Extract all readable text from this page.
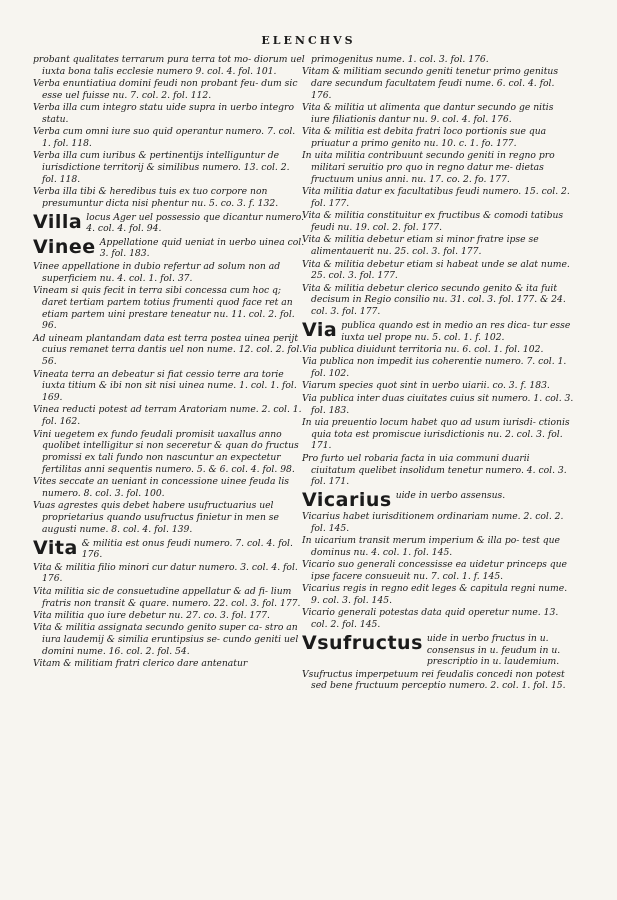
ELENCHVS
probant qualitates terrarum pura terra tot mo- diorum uel iuxta bona talis ecclesie numero 9. col. 4. fol. 101.
Verba enuntiatiua domini feudi non probant feu- dum sic esse uel fuisse nu. 7. col. 2. fol. 112.
Verba illa cum integro statu uide supra in uerbo integro statu.
Verba cum omni iure suo quid operantur numero. 7. col. 1. fol. 118.
Verba illa cum iuribus & pertinentijs intelliguntur de iurisdictione territorij & similibus numero. 13. col. 2. fol. 118.
Verba illa tibi & heredibus tuis ex tuo corpore non presumuntur dicta nisi phentur nu. 5. co. 3. f. 132.
Villa locus Ager uel possessio que dicantur numero. 4. col. 4. fol. 94.
Vinee Appellatione quid ueniat in uerbo uinea col. 3. fol. 183.
Vinee appellatione in dubio refertur ad solum non ad superficiem nu. 4. col. 1. fol. 37.
Vineam si quis fecit in terra sibi concessa cum hoc q; daret tertiam partem totius frumenti quod face ret an etiam partem uini prestare teneatur nu. 11. col. 2. fol. 96.
Ad uineam plantandam data est terra postea uinea perijt cuius remanet terra dantis uel non nume. 12. col. 2. fol. 56.
Vineata terra an debeatur si fiat cessio terre ara torie iuxta titium & ibi non sit nisi uinea nume. 1. col. 1. fol. 169.
Vinea reducti potest ad terram Aratoriam nume. 2. col. 1. fol. 162.
Vini uegetem ex fundo feudali promisit uaxallus anno quolibet intelligitur si non seceretur & quan do fructus promissi ex tali fundo non nascuntur an expectetur fertilitas anni sequentis numero. 5. & 6. col. 4. fol. 98.
Vites seccate an ueniant in concessione uinee feuda lis numero. 8. col. 3. fol. 100.
Vuas agrestes quis debet habere usufructuarius uel proprietarius quando usufructus finietur in men se augusti nume. 8. col. 4. fol. 139.
Vita & militia est onus feudi numero. 7. col. 4. fol. 176.
Vita & militia filio minori cur datur numero. 3. col. 4. fol. 176.
Vita militia sic de consuetudine appellatur & ad fi- lium fratris non transit & quare. numero. 22. col. 3. fol. 177.
Vita militia quo iure debetur nu. 27. co. 3. fol. 177.
Vita & militia assignata secundo genito super ca- stro an iura laudemij & similia eruntipsius se- cundo geniti uel domini nume. 16. col. 2. fol. 54.
Vitam & militiam fratri clerico dare antenatur
primogenitus nume. 1. col. 3. fol. 176.
Vitam & militiam secundo geniti tenetur primo genitus dare secundum facultatem feudi nume. 6. col. 4. fol. 176.
Vita & militia ut alimenta que dantur secundo ge nitis iure filiationis dantur nu. 9. col. 4. fol. 176.
Vita & militia est debita fratri loco portionis sue qua priuatur a primo genito nu. 10. c. 1. fo. 177.
In uita militia contribuunt secundo geniti in regno pro militari seruitio pro quo in regno datur me- dietas fructuum unius anni. nu. 17. co. 2. fo. 177.
Vita militia datur ex facultatibus feudi numero. 15. col. 2. fol. 177.
Vita & militia constituitur ex fructibus & comodi tatibus feudi nu. 19. col. 2. fol. 177.
Vita & militia debetur etiam si minor fratre ipse se alimentauerit nu. 25. col. 3. fol. 177.
Vita & militia debetur etiam si habeat unde se alat nume. 25. col. 3. fol. 177.
Vita & militia debetur clerico secundo genito & ita fuit decisum in Regio consilio nu. 31. col. 3. fol. 177. & 24. col. 3. fol. 177.
Via publica quando est in medio an res dica- tur esse iuxta uel prope nu. 5. col. 1. f. 102.
Via publica diuidunt territoria nu. 6. col. 1. fol. 102.
Via publica non impedit ius coherentie numero. 7. col. 1. fol. 102.
Viarum species quot sint in uerbo uiarii. co. 3. f. 183.
Via publica inter duas ciuitates cuius sit numero. 1. col. 3. fol. 183.
In uia preuentio locum habet quo ad usum iurisdi- ctionis quia tota est promiscue iurisdictionis nu. 2. col. 3. fol. 171.
Pro furto uel robaria facta in uia communi duarii ciuitatum quelibet insolidum tenetur numero. 4. col. 3. fol. 171.
Vicarius uide in uerbo assensus.
Vicarius habet iurisditionem ordinariam nume. 2. col. 2. fol. 145.
In uicarium transit merum imperium & illa po- test que dominus nu. 4. col. 1. fol. 145.
Vicario suo generali concessisse ea uidetur princeps que ipse facere consueuit nu. 7. col. 1. f. 145.
Vicarius regis in regno edit leges & capitula regni nume. 9. col. 3. fol. 145.
Vicario generali potestas data quid operetur nume. 13. col. 2. fol. 145.
Vsufructus uide in uerbo fructus in u. consensus in u. feudum in u. prescriptio in u. laudemium.
Vsufructus imperpetuum rei feudalis concedi non potest sed bene fructuum perceptio numero. 2. col. 1. fol. 15.
